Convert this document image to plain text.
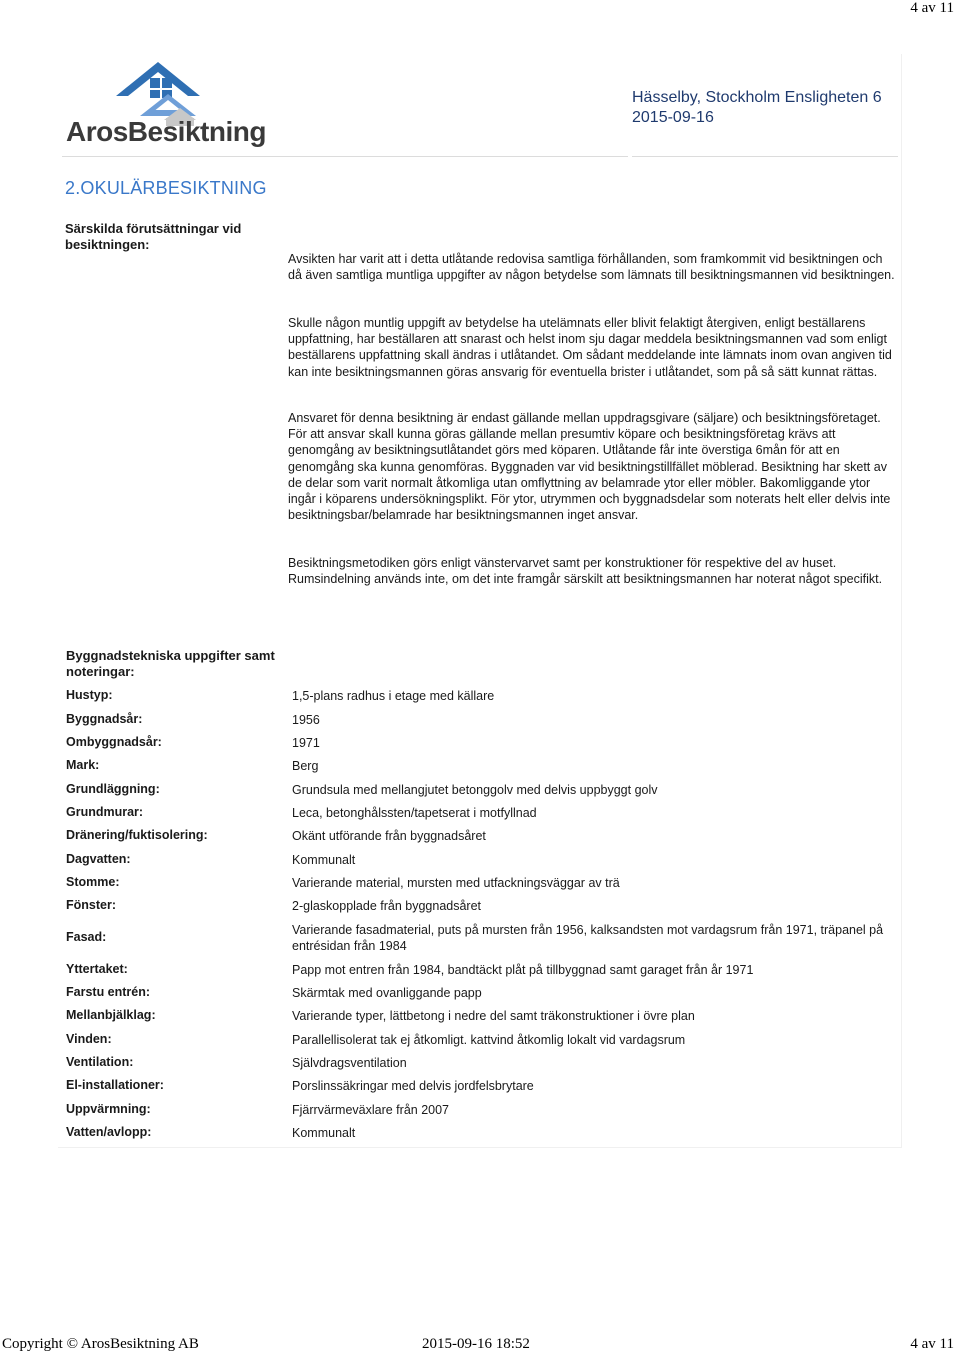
4 av 11
ArosBesiktning
Hässelby, Stockholm Ensligheten 6
2015-09-16
2.OKULÄRBESIKTNING
Särskilda förutsättningar vid besiktningen:

Avsikten har varit att i detta utlåtande redovisa samtliga förhållanden, som framkommit vid besiktningen och då även samtliga muntliga uppgifter av någon betydelse som lämnats till besiktningsmannen vid besiktningen.

Skulle någon muntlig uppgift av betydelse ha utelämnats eller blivit felaktigt återgiven, enligt beställarens uppfattning, har beställaren att snarast och helst inom sju dagar meddela besiktningsmannen vad som enligt beställarens uppfattning skall ändras i utlåtandet. Om sådant meddelande inte lämnats inom ovan angiven tid kan inte besiktningsmannen göras ansvarig för eventuella brister i utlåtandet, som på så sätt kunnat rättas.

Ansvaret för denna besiktning är endast gällande mellan uppdragsgivare (säljare) och besiktningsföretaget. För att ansvar skall kunna göras gällande mellan presumtiv köpare och besiktningsföretag krävs att genomgång av besiktningsutlåtandet görs med köparen. Utlåtande får inte överstiga 6mån för att en genomgång ska kunna genomföras. Byggnaden var vid besiktningstillfället möblerad. Besiktning har skett av de delar som varit normalt åtkomliga utan omflyttning av belamrade ytor eller möbler. Bakomliggande ytor ingår i köparens undersökningsplikt. För ytor, utrymmen och byggnadsdelar som noterats helt eller delvis inte besiktningsbar/belamrade har besiktningsmannen inget ansvar.

Besiktningsmetodiken görs enligt vänstervarvet samt per konstruktioner för respektive del av huset. Rumsindelning används inte, om det inte framgår särskilt att besiktningsmannen har noterat något specifikt.

Byggnadstekniska uppgifter samt noteringar:
Hustyp:	1,5-plans radhus i etage med källare
Byggnadsår:	1956
Ombyggnadsår:	1971
Mark:	Berg
Grundläggning:	Grundsula med mellangjutet betonggolv med delvis uppbyggt golv
Grundmurar:	Leca, betonghålssten/tapetserat i motfyllnad
Dränering/fuktisolering:	Okänt utförande från byggnadsåret
Dagvatten:	Kommunalt
Stomme:	Varierande material, mursten med utfackningsväggar av trä
Fönster:	2-glaskopplade från byggnadsåret
Fasad:	Varierande fasadmaterial, puts på mursten från 1956, kalksandsten mot vardagsrum från 1971, träpanel på entrésidan från 1984
Yttertaket:	Papp mot entren från 1984, bandtäckt plåt på tillbyggnad samt garaget från år 1971
Farstu entrén:	Skärmtak med ovanliggande papp
Mellanbjälklag:	Varierande typer, lättbetong i nedre del samt träkonstruktioner i övre plan
Vinden:	Parallellisolerat tak ej åtkomligt. kattvind åtkomlig lokalt vid vardagsrum
Ventilation:	Självdragsventilation
El-installationer:	Porslinssäkringar med delvis jordfelsbrytare
Uppvärmning:	Fjärrvärmeväxlare från 2007
Vatten/avlopp:	Kommunalt
Copyright © ArosBesiktning AB	2015-09-16 18:52	4 av 11
